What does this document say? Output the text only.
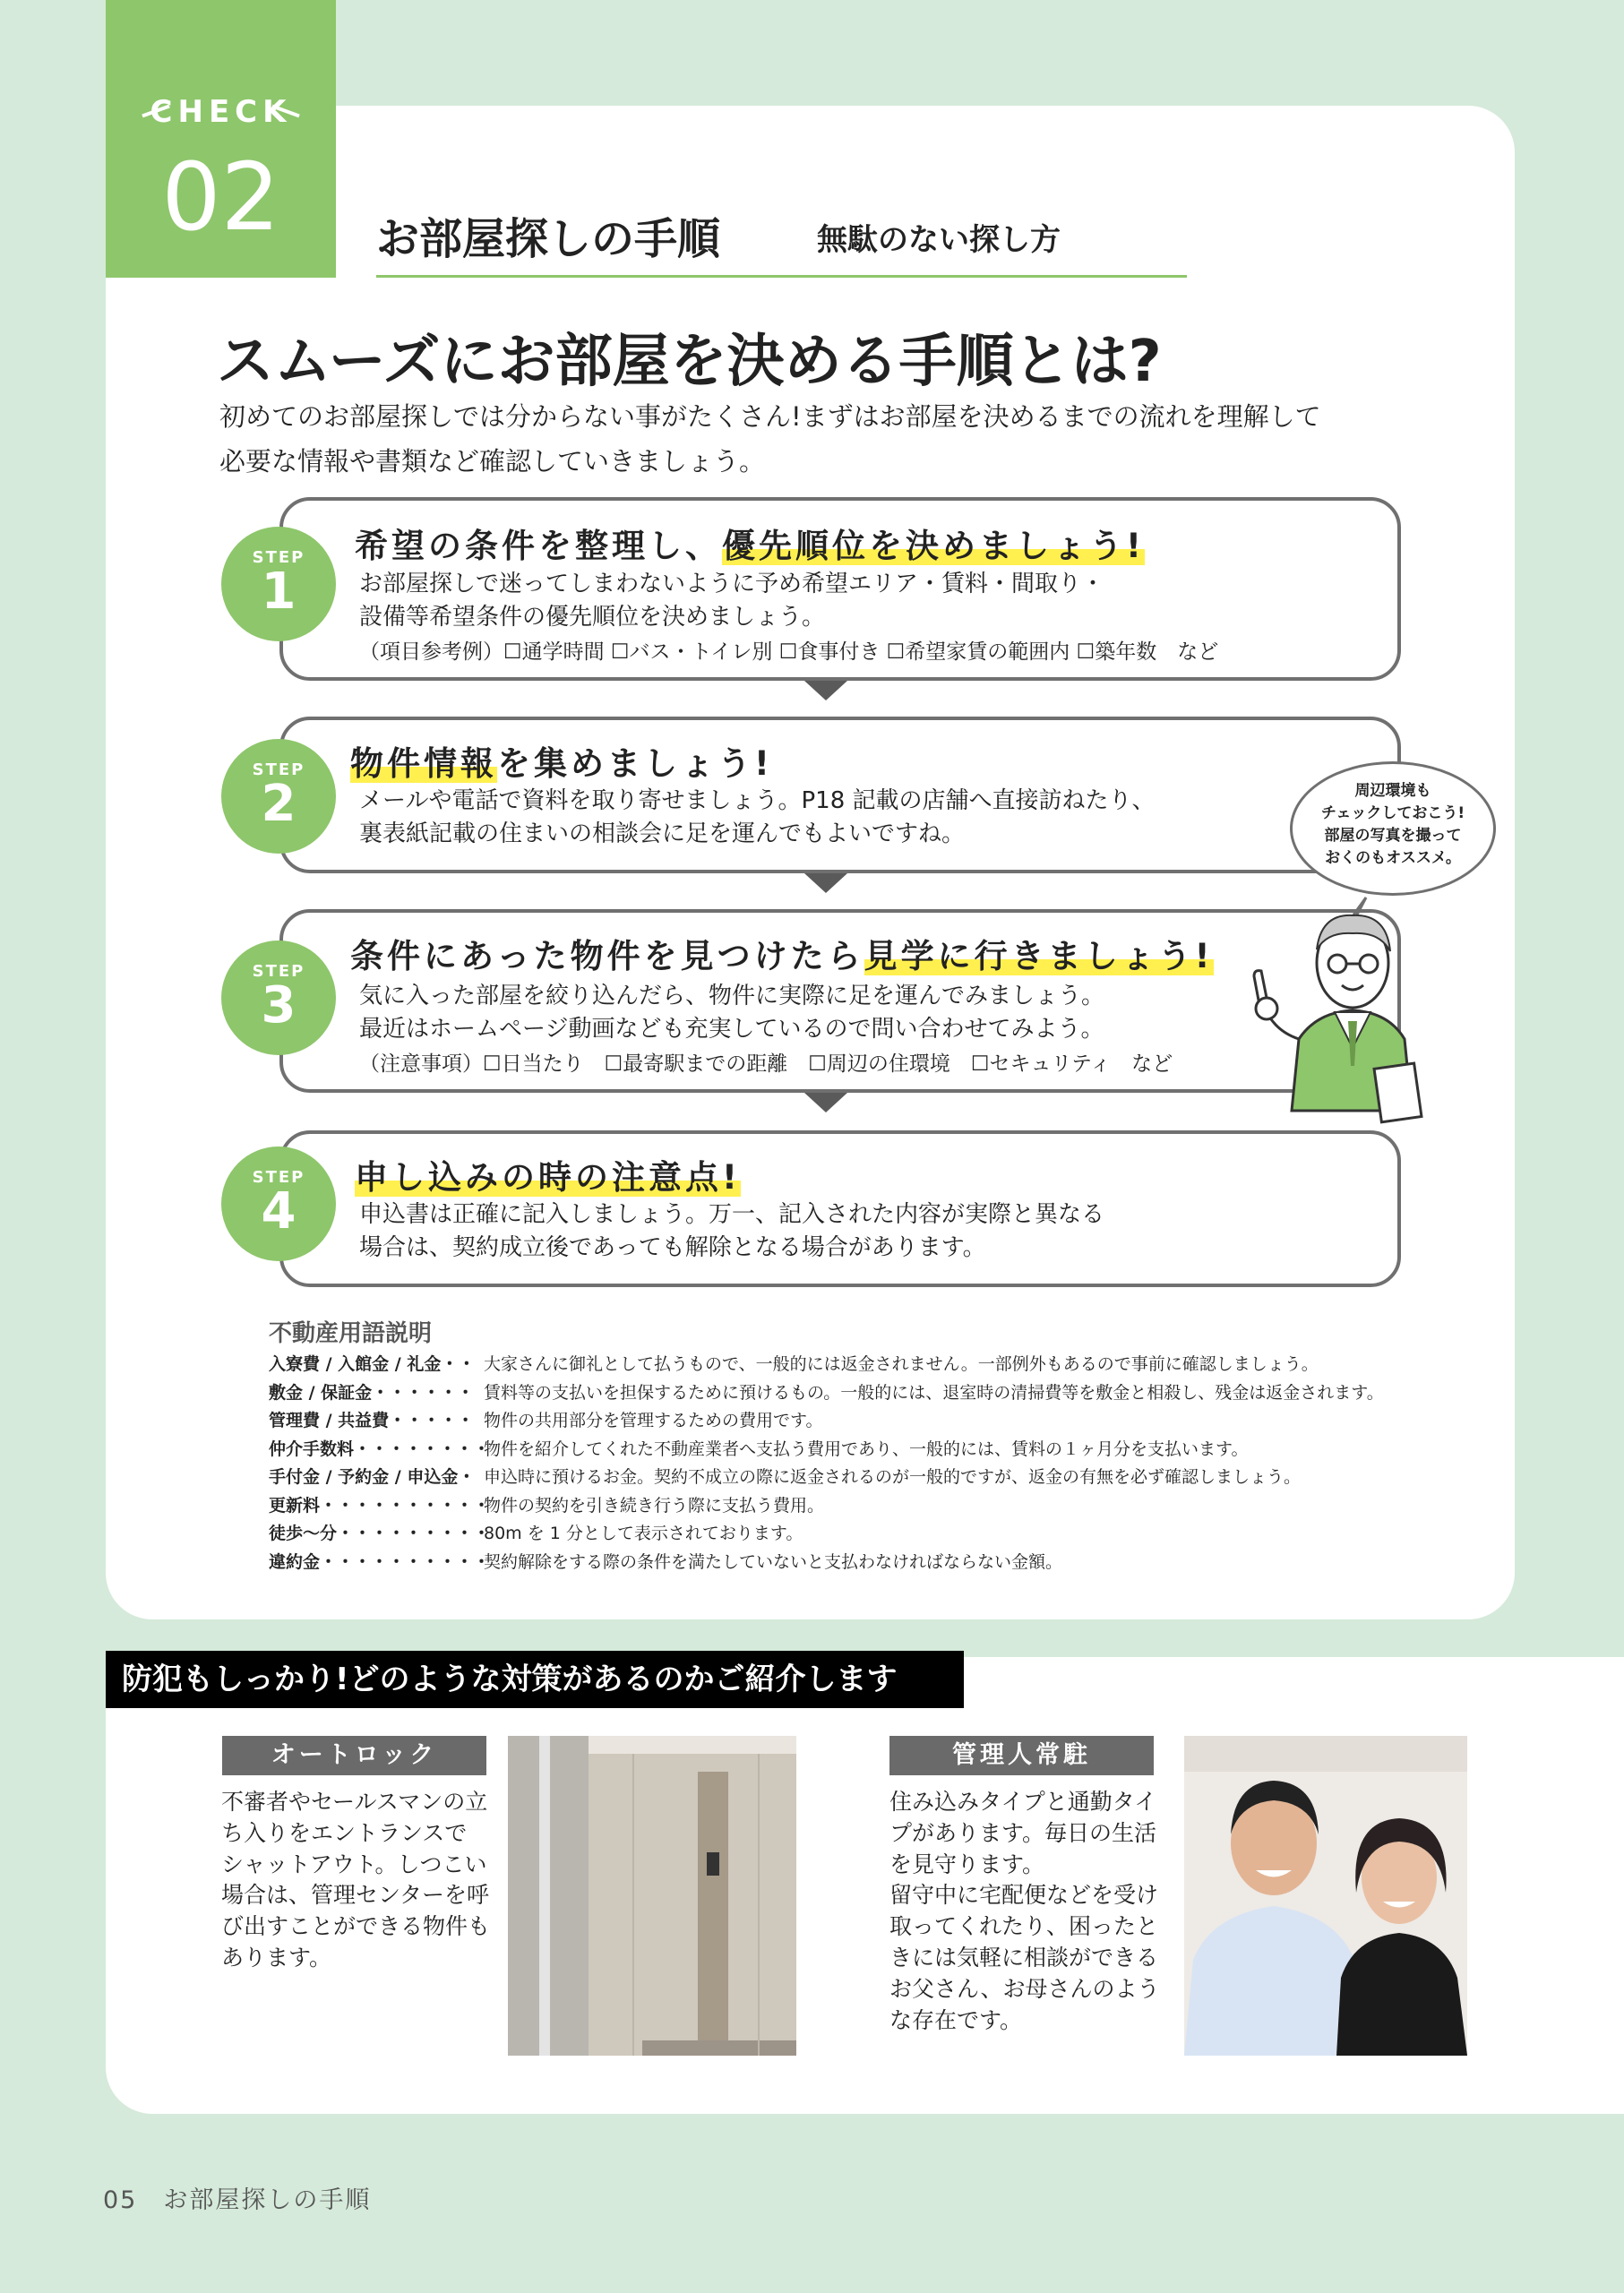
CHECK
02	お部屋探しの手順	無駄のない探し方
スムーズにお部屋を決める手順とは?
初めてのお部屋探しでは分からない事がたくさん!まずはお部屋を決めるまでの流れを理解して
必要な情報や書類など確認していきましょう。
希望の条件を整理し、優先順位を決めましょう!
お部屋探しで迷ってしまわないように予め希望エリア・賃料・間取り・
設備等希望条件の優先順位を決めましょう。
（項目参考例）☐通学時間 ☐バス・トイレ別 ☐食事付き ☐希望家賃の範囲内 ☐築年数　など
STEP
1
物件情報を集めましょう!
メールや電話で資料を取り寄せましょう。P18 記載の店舗へ直接訪ねたり、
裏表紙記載の住まいの相談会に足を運んでもよいですね。
STEP
2
条件にあった物件を見つけたら見学に行きましょう!
気に入った部屋を絞り込んだら、物件に実際に足を運んでみましょう。
最近はホームページ動画なども充実しているので問い合わせてみよう。
（注意事項）☐日当たり　☐最寄駅までの距離　☐周辺の住環境　☐セキュリティ　など
STEP
3
申し込みの時の注意点!
申込書は正確に記入しましょう。万一、記入された内容が実際と異なる
場合は、契約成立後であっても解除となる場合があります。
STEP
4
周辺環境も
チェックしておこう!
部屋の写真を撮って
おくのもオススメ。
不動産用語説明
入寮費 / 入館金 / 礼金・・ 大家さんに御礼として払うもので、一般的には返金されません。一部例外もあるので事前に確認しましょう。
敷金 / 保証金・・・・・・ 賃料等の支払いを担保するために預けるもの。一般的には、退室時の清掃費等を敷金と相殺し、残金は返金されます。
管理費 / 共益費・・・・・ 物件の共用部分を管理するための費用です。
仲介手数料・・・・・・・・物件を紹介してくれた不動産業者へ支払う費用であり、一般的には、賃料の１ヶ月分を支払います。
手付金 / 予約金 / 申込金・ 申込時に預けるお金。契約不成立の際に返金されるのが一般的ですが、返金の有無を必ず確認しましょう。
更新料・・・・・・・・・・物件の契約を引き続き行う際に支払う費用。
徒歩〜分・・・・・・・・・80m を 1 分として表示されております。
違約金・・・・・・・・・・契約解除をする際の条件を満たしていないと支払わなければならない金額。
防犯もしっかり!どのような対策があるのかご紹介します
オートロック
不審者やセールスマンの立
ち入りをエントランスで
シャットアウト。しつこい
場合は、管理センターを呼
び出すことができる物件も
あります。
管理人常駐
住み込みタイプと通勤タイ
プがあります。毎日の生活
を見守ります。
留守中に宅配便などを受け
取ってくれたり、困ったと
きには気軽に相談ができる
お父さん、お母さんのよう
な存在です。
05　 お部屋探しの手順
